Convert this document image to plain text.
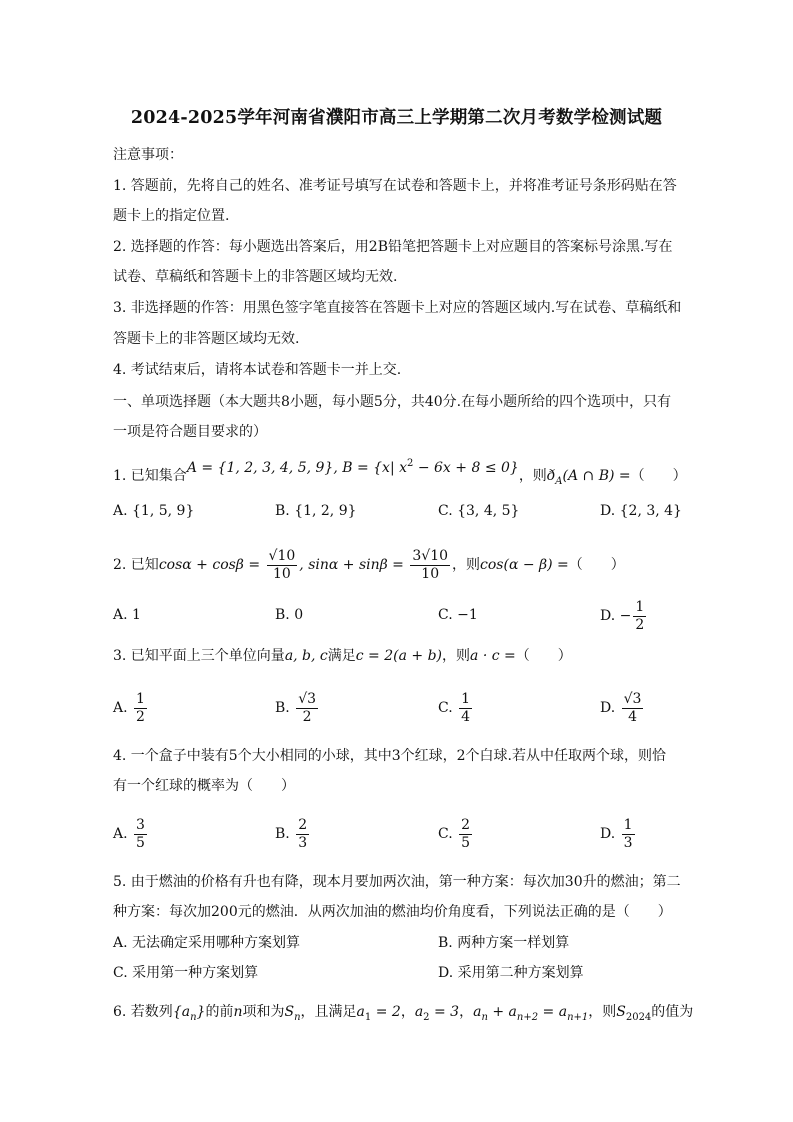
2024-2025学年河南省濮阳市高三上学期第二次月考数学检测试题
注意事项：
1. 答题前，先将自己的姓名、准考证号填写在试卷和答题卡上，并将准考证号条形码贴在答
题卡上的指定位置.
2. 选择题的作答：每小题选出答案后，用2B铅笔把答题卡上对应题目的答案标号涂黑.写在
试卷、草稿纸和答题卡上的非答题区域均无效.
3. 非选择题的作答：用黑色签字笔直接答在答题卡上对应的答题区域内.写在试卷、草稿纸和
答题卡上的非答题区域均无效.
4. 考试结束后，请将本试卷和答题卡一并上交.
一、单项选择题（本大题共8小题，每小题5分，共40分.在每小题所给的四个选项中，只有
一项是符合题目要求的）
1. 已知集合A = {1, 2, 3, 4, 5, 9}, B = {x| $x^2 - 6x + 8 \le 0$}，则$ð_A(A$ ∩ B) =（　　）
A. {1, 5, 9}	B. {1, 2, 9}	C. {3, 4, 5}	D. {2, 3, 4}
2. 已知$\cos\alpha + \cos\beta = \frac{√10}{10}$ , $\sin\alpha + \sin\beta = \frac{3√10}{10}$ ，则cos(α − β) =（　　）
A. 1	B. 0	C. −1	D. − $\frac{1}{2}$
3. 已知平面上三个单位向量a, b, c满足c = 2(a + b)，则a · c =（　　）
A. $\frac{1}{2}$	B. $\frac{√3}{2}$	C. $\frac{1}{4}$	D. $\frac{√3}{4}$
4. 一个盒子中装有5个大小相同的小球，其中3个红球，2个白球.若从中任取两个球，则恰
有一个红球的概率为（　　）
A. $\frac{3}{5}$	B. $\frac{2}{3}$	C. $\frac{2}{5}$	D. $\frac{1}{3}$
5. 由于燃油的价格有升也有降，现本月要加两次油，第一种方案：每次加30升的燃油；第二
种方案：每次加200元的燃油．从两次加油的燃油均价角度看，下列说法正确的是（　　）
A. 无法确定采用哪种方案划算	B. 两种方案一样划算
C. 采用第一种方案划算	D. 采用第二种方案划算
6. 若数列$\{a_n\}$的前n项和为$S_n$，且满足$a_1 = 2$，$a_2 = 3$，$a_n + a_{n+2} = a_{n+1}$，则$S_{2024}$的值为
